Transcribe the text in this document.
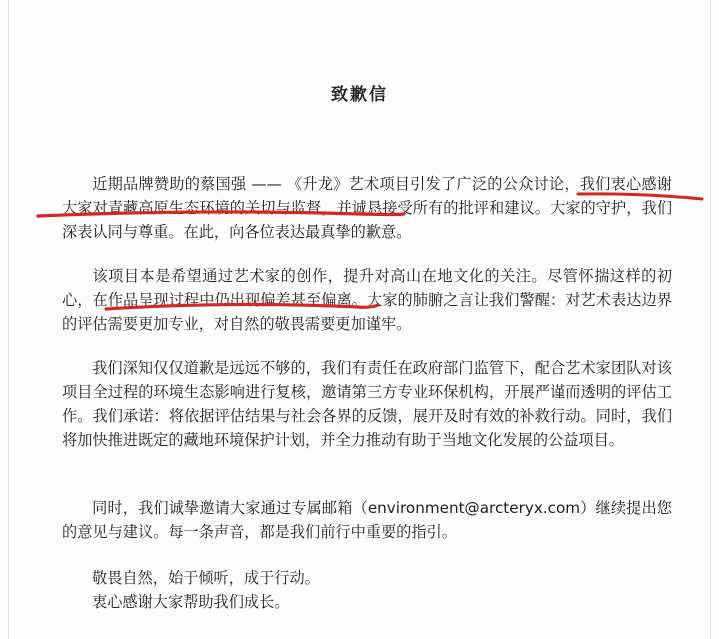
致歉信

近期品牌赞助的蔡国强 —— 《升龙》艺术项目引发了广泛的公众讨论，我们衷心感谢大家对青藏高原生态环境的关切与监督，并诚恳接受所有的批评和建议。大家的守护，我们深表认同与尊重。在此，向各位表达最真挚的歉意。

该项目本是希望通过艺术家的创作，提升对高山在地文化的关注。尽管怀揣这样的初心，在作品呈现过程中仍出现偏差甚至偏离。大家的肺腑之言让我们警醒：对艺术表达边界的评估需要更加专业，对自然的敬畏需要更加谨牢。

我们深知仅仅道歉是远远不够的，我们有责任在政府部门监管下，配合艺术家团队对该项目全过程的环境生态影响进行复核，邀请第三方专业环保机构，开展严谨而透明的评估工作。我们承诺：将依据评估结果与社会各界的反馈，展开及时有效的补救行动。同时，我们将加快推进既定的藏地环境保护计划，并全力推动有助于当地文化发展的公益项目。

同时，我们诚挚邀请大家通过专属邮箱（environment@arcteryx.com）继续提出您的意见与建议。每一条声音，都是我们前行中重要的指引。

敬畏自然，始于倾听，成于行动。
衷心感谢大家帮助我们成长。
